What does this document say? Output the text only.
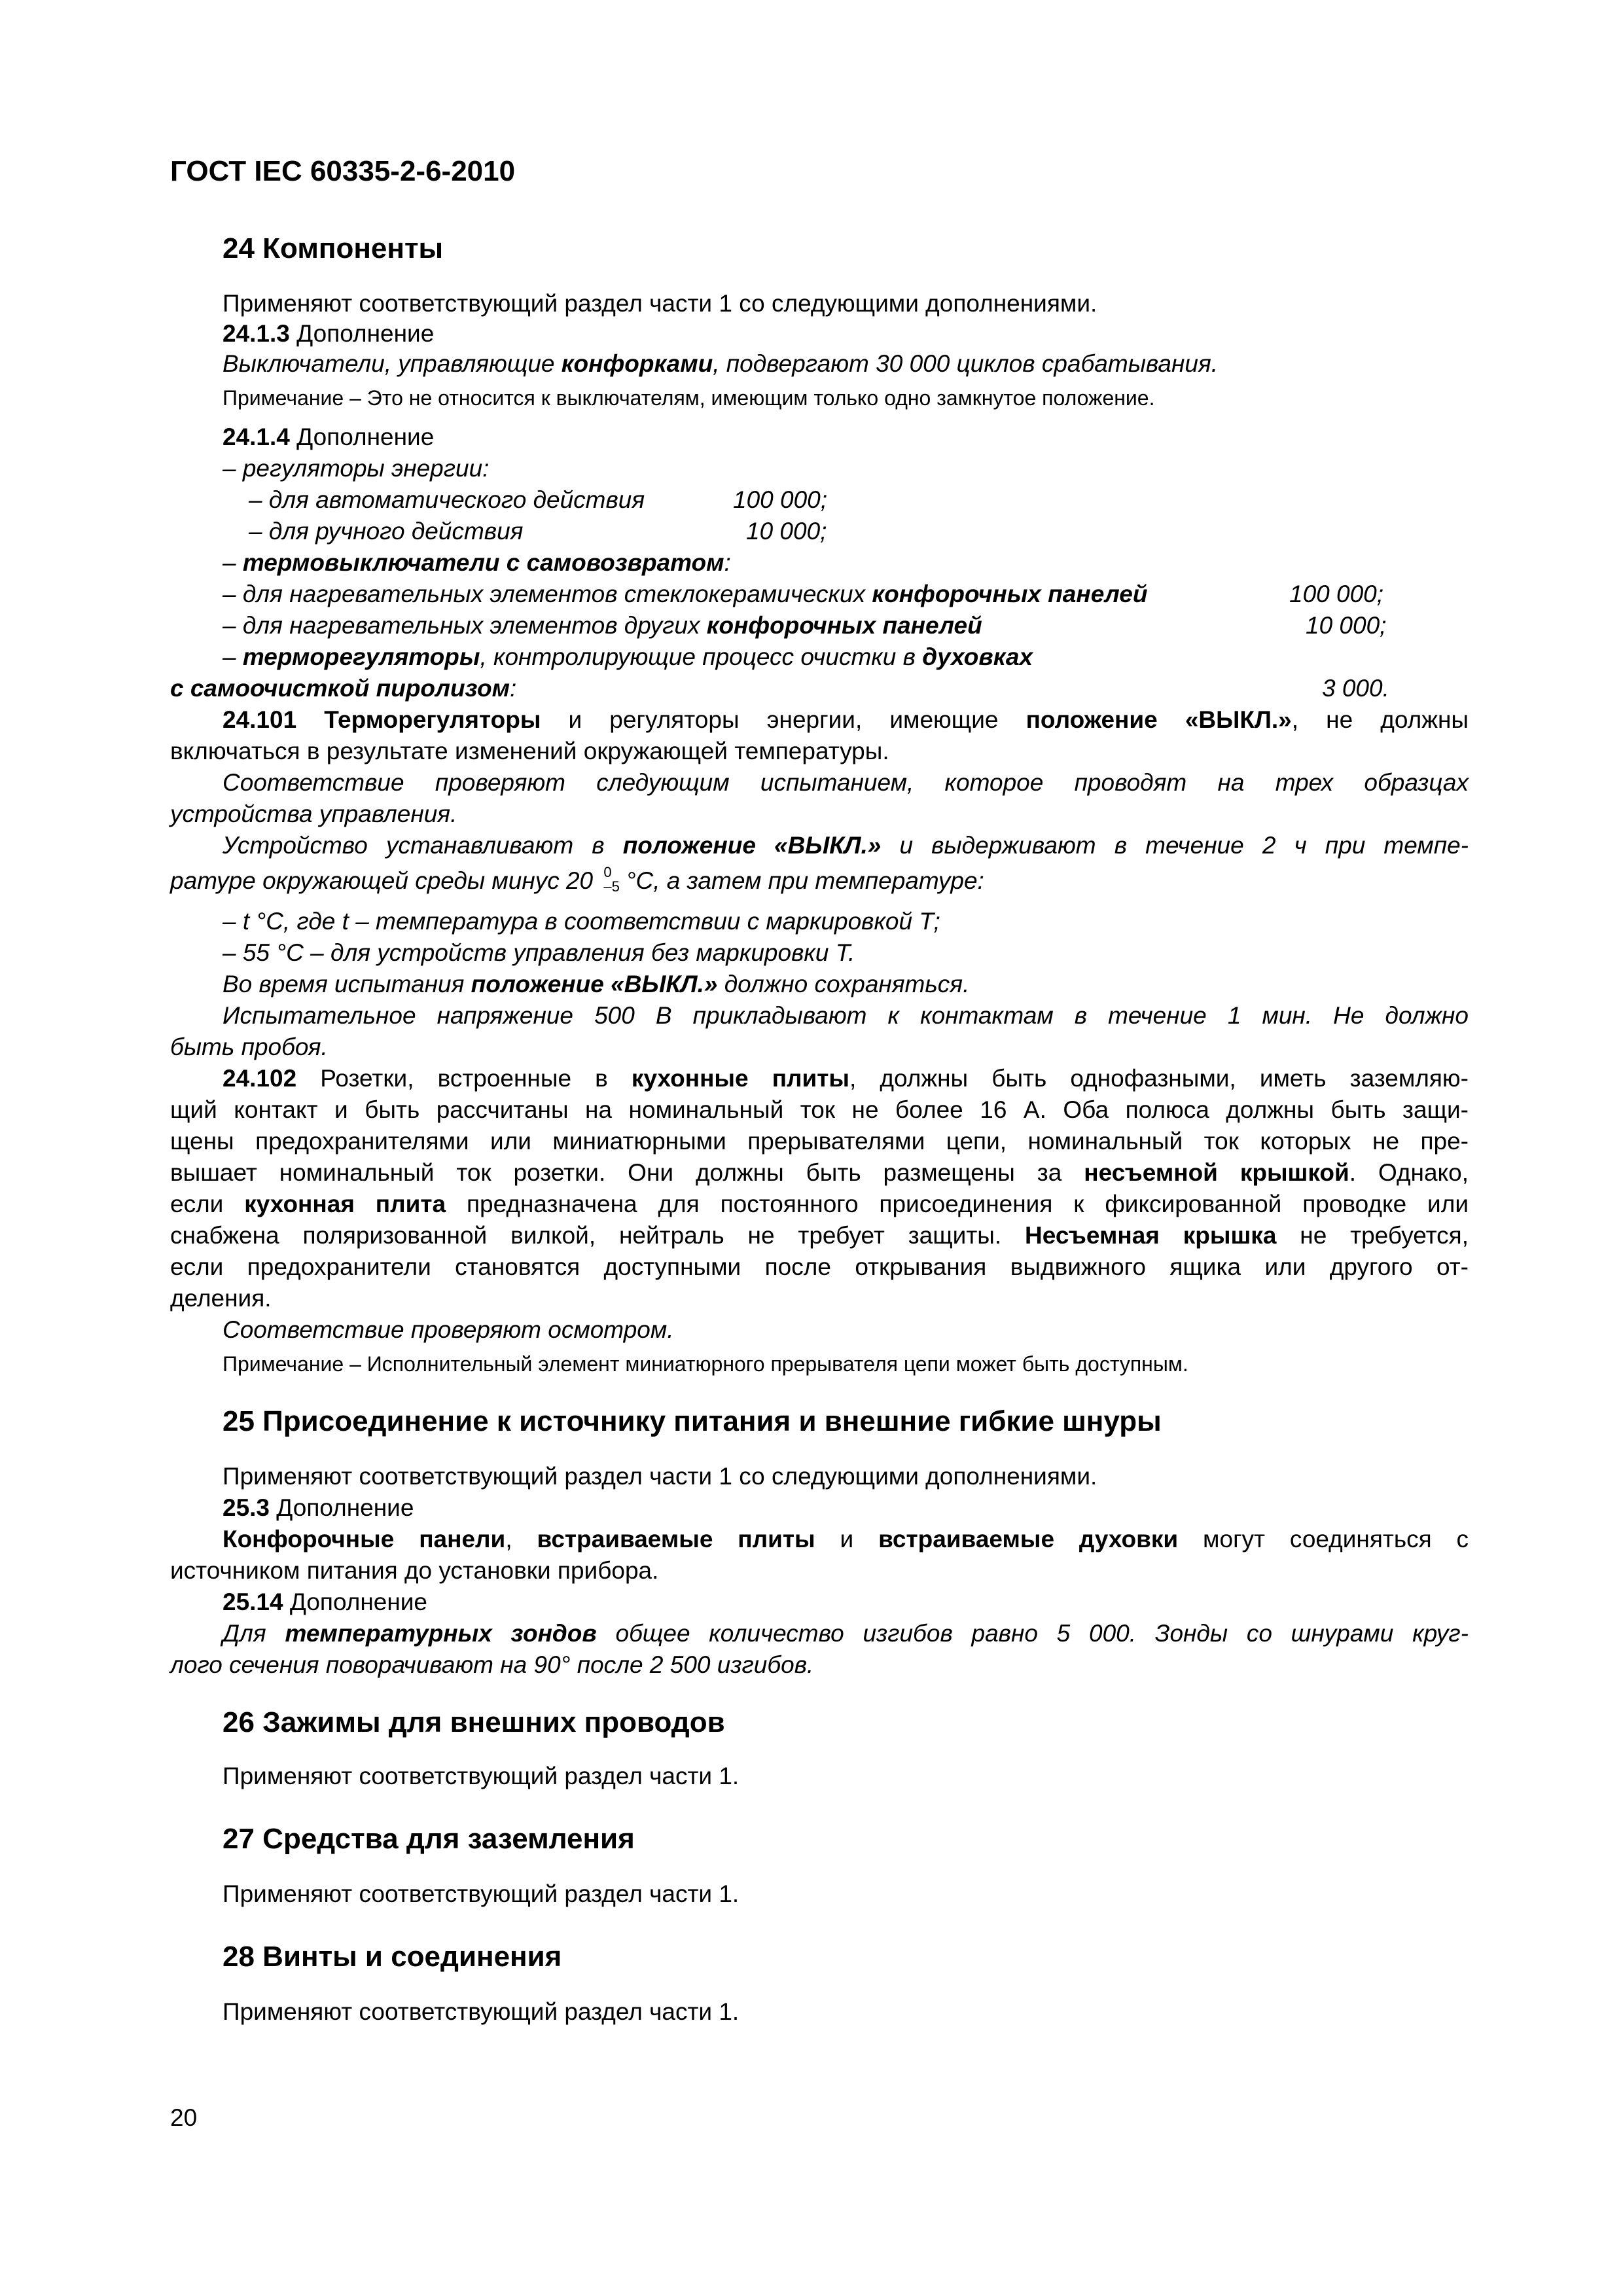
ГОСТ IEC 60335-2-6-2010
24 Компоненты
Применяют соответствующий раздел части 1 со следующими дополнениями.
24.1.3 Дополнение
Выключатели, управляющие конфорками, подвергают 30 000 циклов срабатывания.
Примечание – Это не относится к выключателям, имеющим только одно замкнутое положение.
24.1.4 Дополнение
– регуляторы энергии:
– для автоматического действия	100 000;
– для ручного действия	10 000;
– термовыключатели с самовозвратом:
– для нагревательных элементов стеклокерамических конфорочных панелей	100 000;
– для нагревательных элементов других конфорочных панелей	10 000;
– терморегуляторы, контролирующие процесс очистки в духовках
с самоочисткой пиролизом:	3 000.
24.101 Терморегуляторы и регуляторы энергии, имеющие положение «ВЫКЛ.», не должны
включаться в результате изменений окружающей температуры.
Соответствие проверяют следующим испытанием, которое проводят на трех образцах
устройства управления.
Устройство устанавливают в положение «ВЫКЛ.» и выдерживают в течение 2 ч при темпе-
ратуре окружающей среды минус 20 0
–5 °С, а затем при температуре:
– t °С, где t – температура в соответствии с маркировкой Т;
– 55 °С – для устройств управления без маркировки Т.
Во время испытания положение «ВЫКЛ.» должно сохраняться.
Испытательное напряжение 500 В прикладывают к контактам в течение 1 мин. Не должно
быть пробоя.
24.102 Розетки, встроенные в кухонные плиты, должны быть однофазными, иметь заземляю-
щий контакт и быть рассчитаны на номинальный ток не более 16 А. Оба полюса должны быть защи-
щены предохранителями или миниатюрными прерывателями цепи, номинальный ток которых не пре-
вышает номинальный ток розетки. Они должны быть размещены за несъемной крышкой. Однако,
если кухонная плита предназначена для постоянного присоединения к фиксированной проводке или
снабжена поляризованной вилкой, нейтраль не требует защиты. Несъемная крышка не требуется,
если предохранители становятся доступными после открывания выдвижного ящика или другого от-
деления.
Соответствие проверяют осмотром.
Примечание – Исполнительный элемент миниатюрного прерывателя цепи может быть доступным.
25 Присоединение к источнику питания и внешние гибкие шнуры
Применяют соответствующий раздел части 1 со следующими дополнениями.
25.3 Дополнение
Конфорочные панели, встраиваемые плиты и встраиваемые духовки могут соединяться с
источником питания до установки прибора.
25.14 Дополнение
Для температурных зондов общее количество изгибов равно 5 000. Зонды со шнурами круг-
лого сечения поворачивают на 90° после 2 500 изгибов.
26 Зажимы для внешних проводов
Применяют соответствующий раздел части 1.
27 Средства для заземления
Применяют соответствующий раздел части 1.
28 Винты и соединения
Применяют соответствующий раздел части 1.
20
